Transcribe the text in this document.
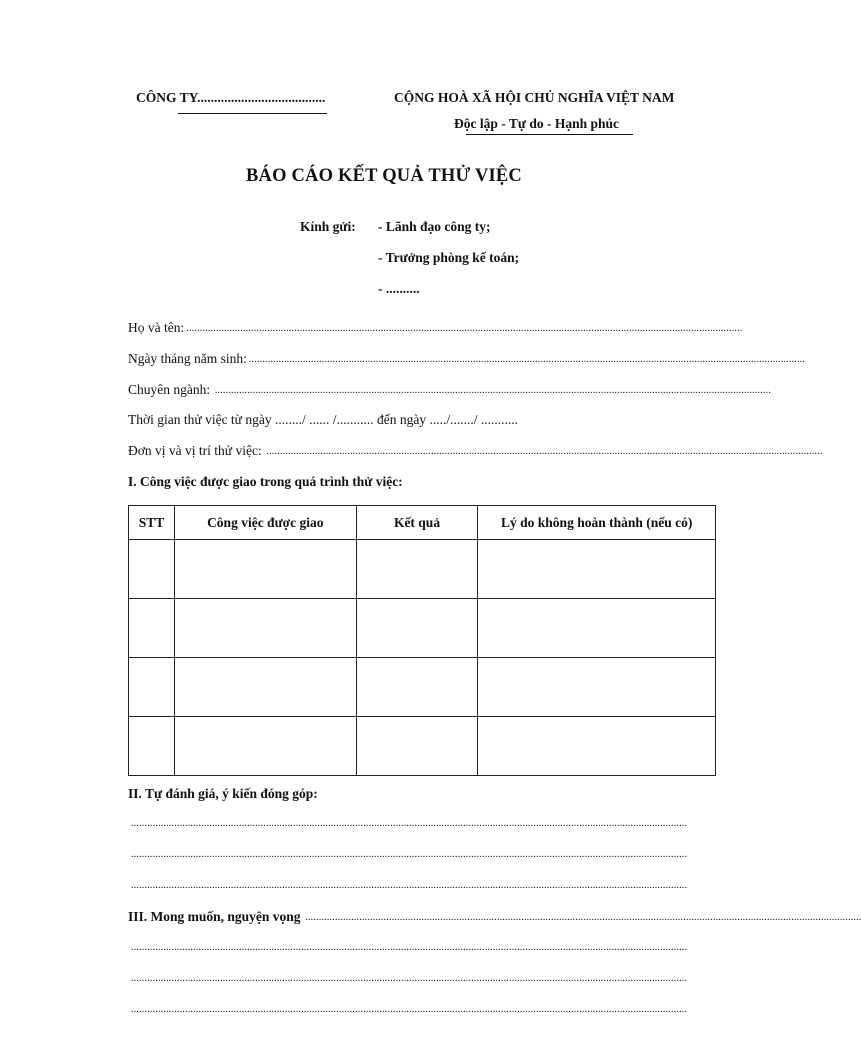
CÔNG TY......................................	CỘNG HOÀ XÃ HỘI CHỦ NGHĨA VIỆT NAM
Độc lập - Tự do - Hạnh phúc
BÁO CÁO KẾT QUẢ THỬ VIỆC
Kính gửi: - Lãnh đạo công ty;
- Trưởng phòng kế toán;
- ..........
Họ và tên: ..............................................................................................................................................................................................................
Ngày tháng năm sinh: ..............................................................................................................................................................................................................
Chuyên ngành: ..............................................................................................................................................................................................................
Thời gian thử việc từ ngày ......../ ...... /........... đến ngày ...../......./ ...........
Đơn vị và vị trí thử việc: ..............................................................................................................................................................................................................
I. Công việc được giao trong quá trình thử việc:
STT	Công việc được giao	Kết quả	Lý do không hoàn thành (nếu có)

II. Tự đánh giá, ý kiến đóng góp:
..............................................................................................................................................................................................................
..............................................................................................................................................................................................................
..............................................................................................................................................................................................................
III. Mong muốn, nguyện vọng ..............................................................................................................................................................................................................
..............................................................................................................................................................................................................
..............................................................................................................................................................................................................
..............................................................................................................................................................................................................
